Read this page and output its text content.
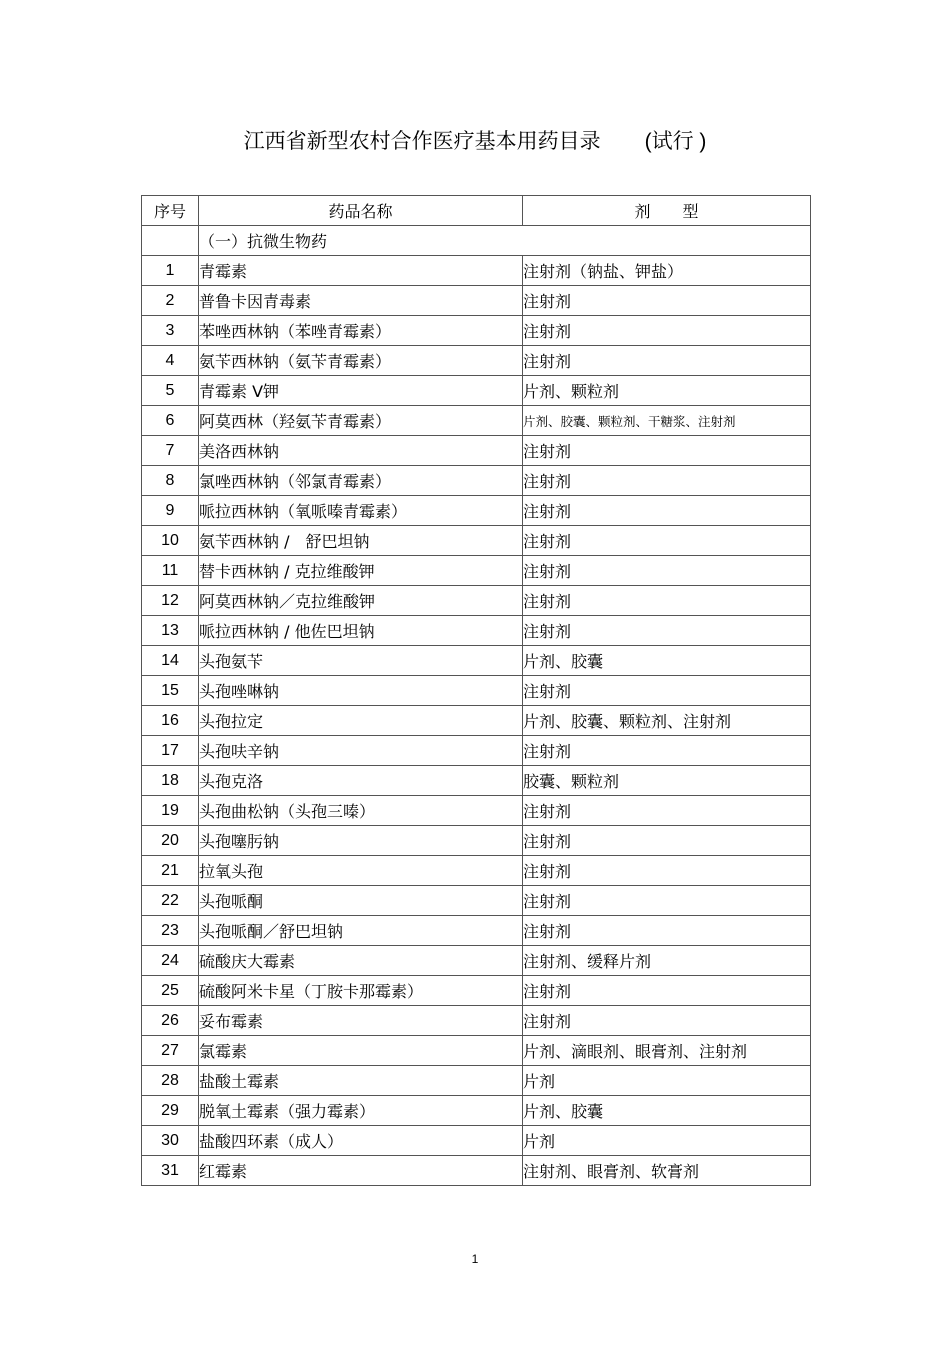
江西省新型农村合作医疗基本用药目录 (试行 )
序号	药品名称	剂　　型
	（一）抗微生物药	
1	青霉素	注射剂（钠盐、钾盐）
2	普鲁卡因青毒素	注射剂
3	苯唑西林钠（苯唑青霉素）	注射剂
4	氨苄西林钠（氨苄青霉素）	注射剂
5	青霉素 V钾	片剂、颗粒剂
6	阿莫西林（羟氨苄青霉素）	片剂、胶囊、颗粒剂、干糖浆、注射剂
7	美洛西林钠	注射剂
8	氯唑西林钠（邻氯青霉素）	注射剂
9	哌拉西林钠（氧哌嗪青霉素）	注射剂
10	氨苄西林钠 /　舒巴坦钠	注射剂
11	替卡西林钠 / 克拉维酸钾	注射剂
12	阿莫西林钠／克拉维酸钾	注射剂
13	哌拉西林钠 / 他佐巴坦钠	注射剂
14	头孢氨苄	片剂、胶囊
15	头孢唑啉钠	注射剂
16	头孢拉定	片剂、胶囊、颗粒剂、注射剂
17	头孢呋辛钠	注射剂
18	头孢克洛	胶囊、颗粒剂
19	头孢曲松钠（头孢三嗪）	注射剂
20	头孢噻肟钠	注射剂
21	拉氧头孢	注射剂
22	头孢哌酮	注射剂
23	头孢哌酮／舒巴坦钠	注射剂
24	硫酸庆大霉素	注射剂、缓释片剂
25	硫酸阿米卡星（丁胺卡那霉素）	注射剂
26	妥布霉素	注射剂
27	氯霉素	片剂、滴眼剂、眼膏剂、注射剂
28	盐酸土霉素	片剂
29	脱氧土霉素（强力霉素）	片剂、胶囊
30	盐酸四环素（成人）	片剂
31	红霉素	注射剂、眼膏剂、软膏剂
1
